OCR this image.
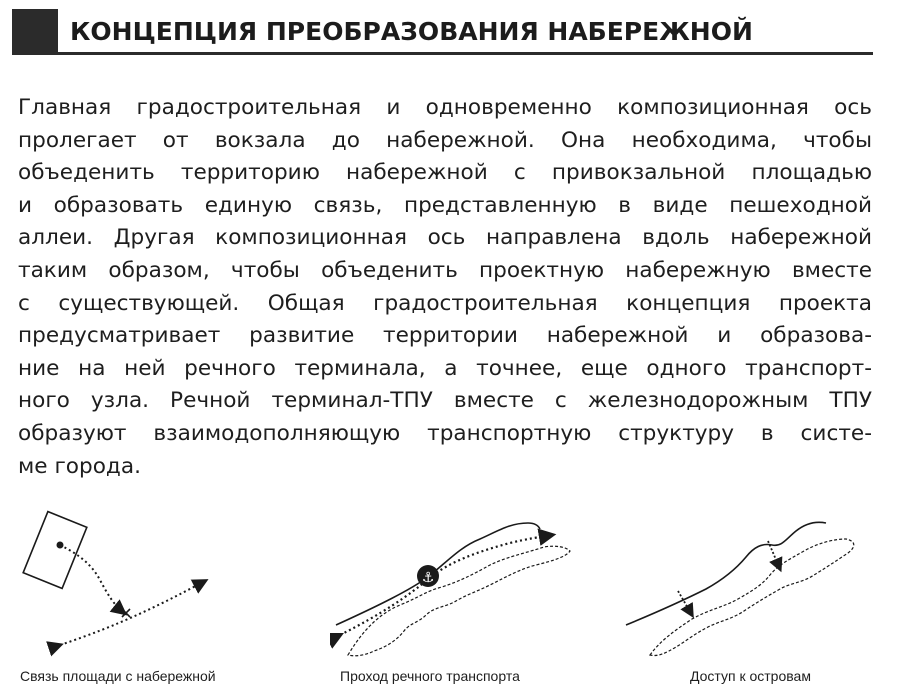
КОНЦЕПЦИЯ ПРЕОБРАЗОВАНИЯ НАБЕРЕЖНОЙ
Главная градостроительная и одновременно композиционная ось
пролегает от вокзала до набережной. Она необходима, чтобы
объеденить территорию набережной с привокзальной площадью
и образовать единую связь, представленную в виде пешеходной
аллеи. Другая композиционная ось направлена вдоль набережной
таким образом, чтобы объеденить проектную набережную вместе
с существующей. Общая градостроительная концепция проекта
предусматривает развитие территории набережной и образова-
ние на ней речного терминала, а точнее, еще одного транспорт-
ного узла. Речной терминал-ТПУ вместе с железнодорожным ТПУ
образуют взаимодополняющую транспортную структуру в систе-
ме города.
Связь площади с набережной
⚓
Проход речного транспорта	Доступ к островам
